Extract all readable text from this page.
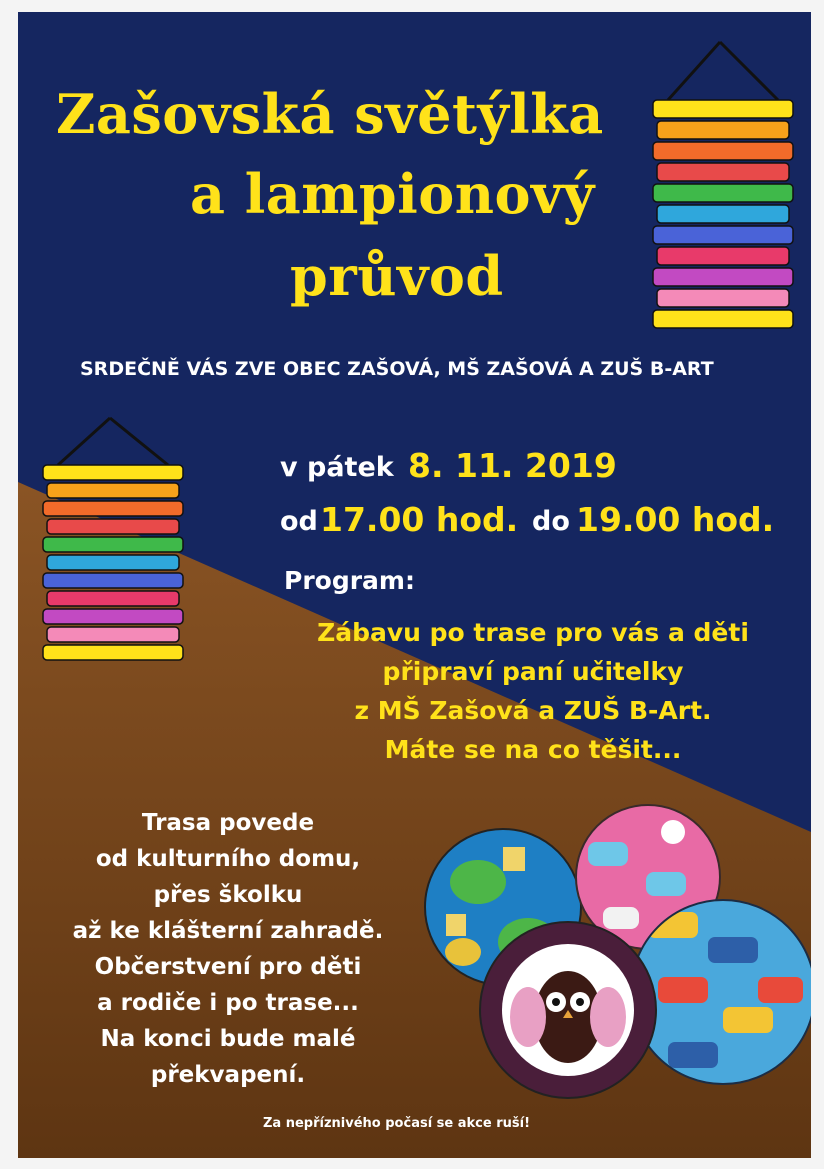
Zašovská světýlka
a lampionový
průvod
SRDEČNĚ VÁS ZVE OBEC ZAŠOVÁ, MŠ ZAŠOVÁ A ZUŠ B-ART
v pátek 8. 11. 2019
od 17.00 hod. do 19.00 hod.
Program:
Zábavu po trase pro vás a děti
připraví paní učitelky
z MŠ Zašová a ZUŠ B-Art.
Máte se na co těšit...
Trasa povede
od kulturního domu,
přes školku
až ke klášterní zahradě.
Občerstvení pro děti
a rodiče i po trase...
Na konci bude malé
překvapení.
Za nepříznivého počasí se akce ruší!
